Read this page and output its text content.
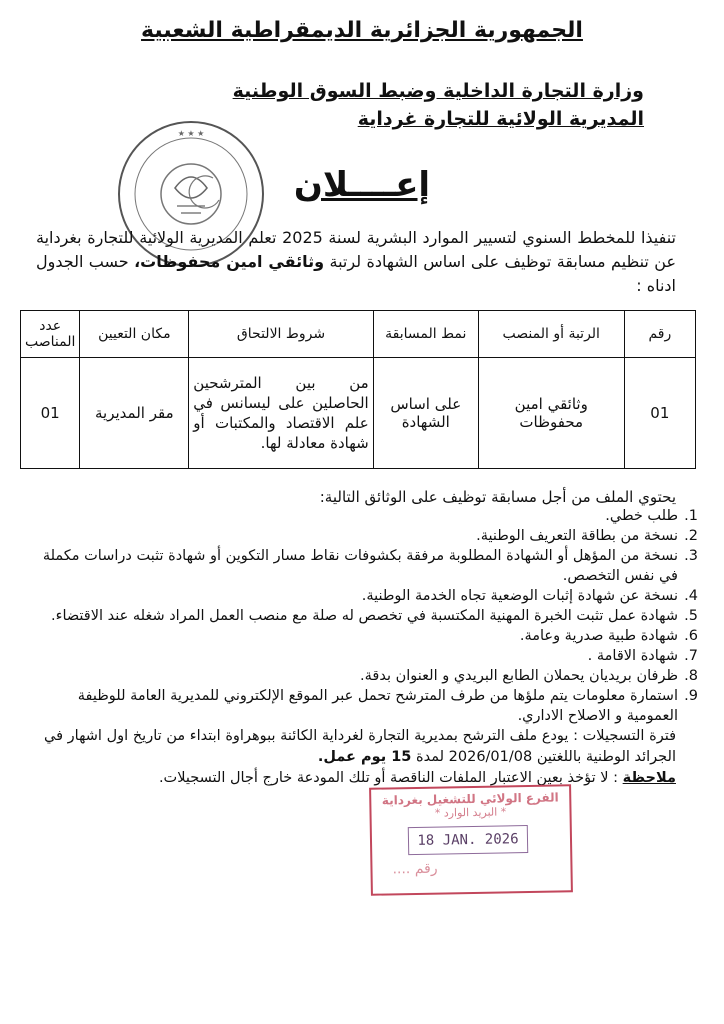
الجمهورية الجزائرية الديمقراطية الشعبية
وزارة التجارة الداخلية وضبط السوق الوطنية
المديرية الولائية للتجارة غرداية
★ ★ ★
إعــــلان
تنفيذا للمخطط السنوي لتسيير الموارد البشرية لسنة 2025 تعلم المديرية الولائية للتجارة بغرداية عن تنظيم مسابقة توظيف على اساس الشهادة لرتبة وثائقي امين محفوظات، حسب الجدول ادناه :
رقم	الرتبة أو المنصب	نمط المسابقة	شروط الالتحاق	مكان التعيين	عدد المناصب
01	وثائقي امين محفوظات	على اساس الشهادة	من بين المترشحين الحاصلين على ليسانس في علم الاقتصاد والمكتبات أو شهادة معادلة لها.	مقر المديرية	01
يحتوي الملف من أجل مسابقة توظيف على الوثائق التالية:
طلب خطي.
نسخة من بطاقة التعريف الوطنية.
نسخة من المؤهل أو الشهادة المطلوبة مرفقة بكشوفات نقاط مسار التكوين أو شهادة تثبت دراسات مكملة في نفس التخصص.
نسخة عن شهادة إثبات الوضعية تجاه الخدمة الوطنية.
شهادة عمل تثبت الخبرة المهنية المكتسبة في تخصص له صلة مع منصب العمل المراد شغله عند الاقتضاء.
شهادة طبية صدرية وعامة.
شهادة الاقامة .
ظرفان بريديان يحملان الطابع البريدي و العنوان بدقة.
استمارة معلومات يتم ملؤها من طرف المترشح تحمل عبر الموقع الإلكتروني للمديرية العامة للوظيفة العمومية و الاصلاح الاداري.
فترة التسجيلات : يودع ملف الترشح بمديرية التجارة لغرداية الكائنة ببوهراوة ابتداء من تاريخ اول اشهار في الجرائد الوطنية باللغتين 2026/01/08 لمدة 15 يوم عمل.
ملاحظة : لا تؤخذ بعين الاعتبار الملفات الناقصة أو تلك المودعة خارج أجال التسجيلات.
الفرع الولائي للتشغيل بغرداية
* البريد الوارد *
18 JAN. 2026
رقم ....
